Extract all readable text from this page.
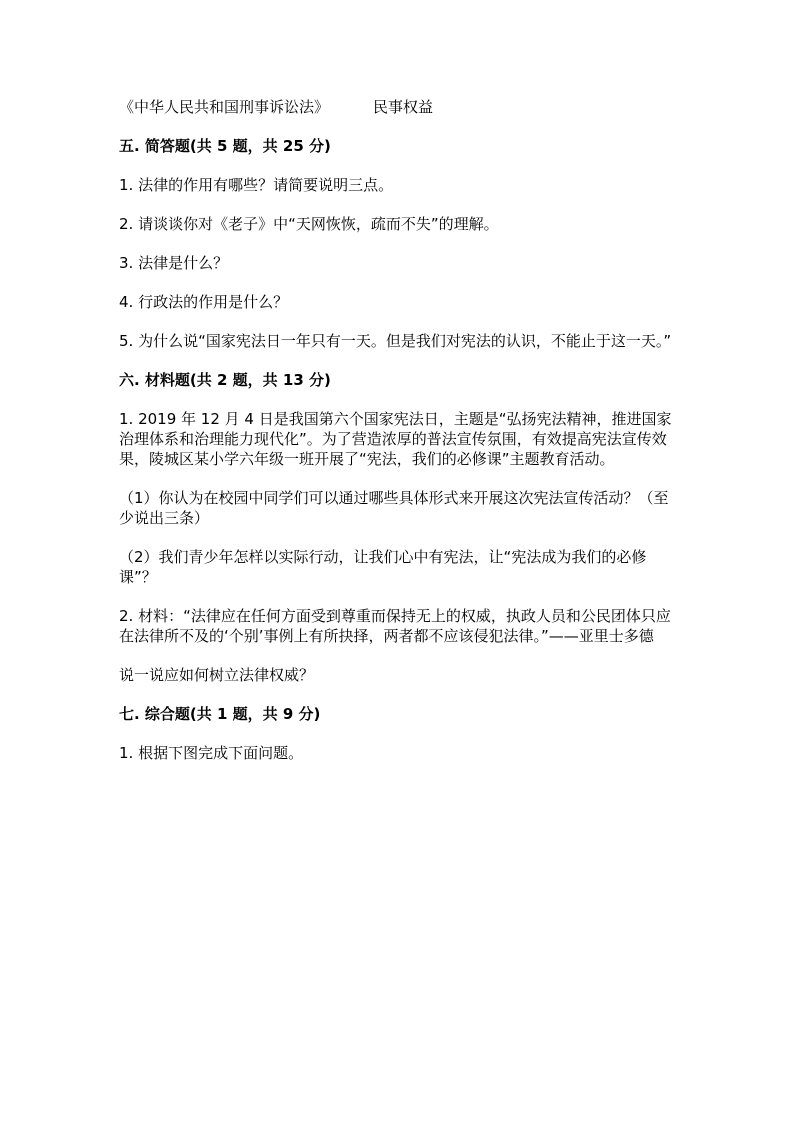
《中华人民共和国刑事诉讼法》	民事权益

五. 简答题(共 5 题，共 25 分)

1. 法律的作用有哪些？请简要说明三点。

2. 请谈谈你对《老子》中“天网恢恢，疏而不失”的理解。

3. 法律是什么？

4. 行政法的作用是什么？

5. 为什么说“国家宪法日一年只有一天。但是我们对宪法的认识，不能止于这一天。”

六. 材料题(共 2 题，共 13 分)

1. 2019 年 12 月 4 日是我国第六个国家宪法日，主题是“弘扬宪法精神，推进国家治理体系和治理能力现代化”。为了营造浓厚的普法宣传氛围，有效提高宪法宣传效果，陵城区某小学六年级一班开展了“宪法，我们的必修课”主题教育活动。

（1）你认为在校园中同学们可以通过哪些具体形式来开展这次宪法宣传活动？（至少说出三条）

（2）我们青少年怎样以实际行动，让我们心中有宪法，让“宪法成为我们的必修课”？

2. 材料：“法律应在任何方面受到尊重而保持无上的权威，执政人员和公民团体只应在法律所不及的‘个别’事例上有所抉择，两者都不应该侵犯法律。”——亚里士多德

说一说应如何树立法律权威？

七. 综合题(共 1 题，共 9 分)

1. 根据下图完成下面问题。
